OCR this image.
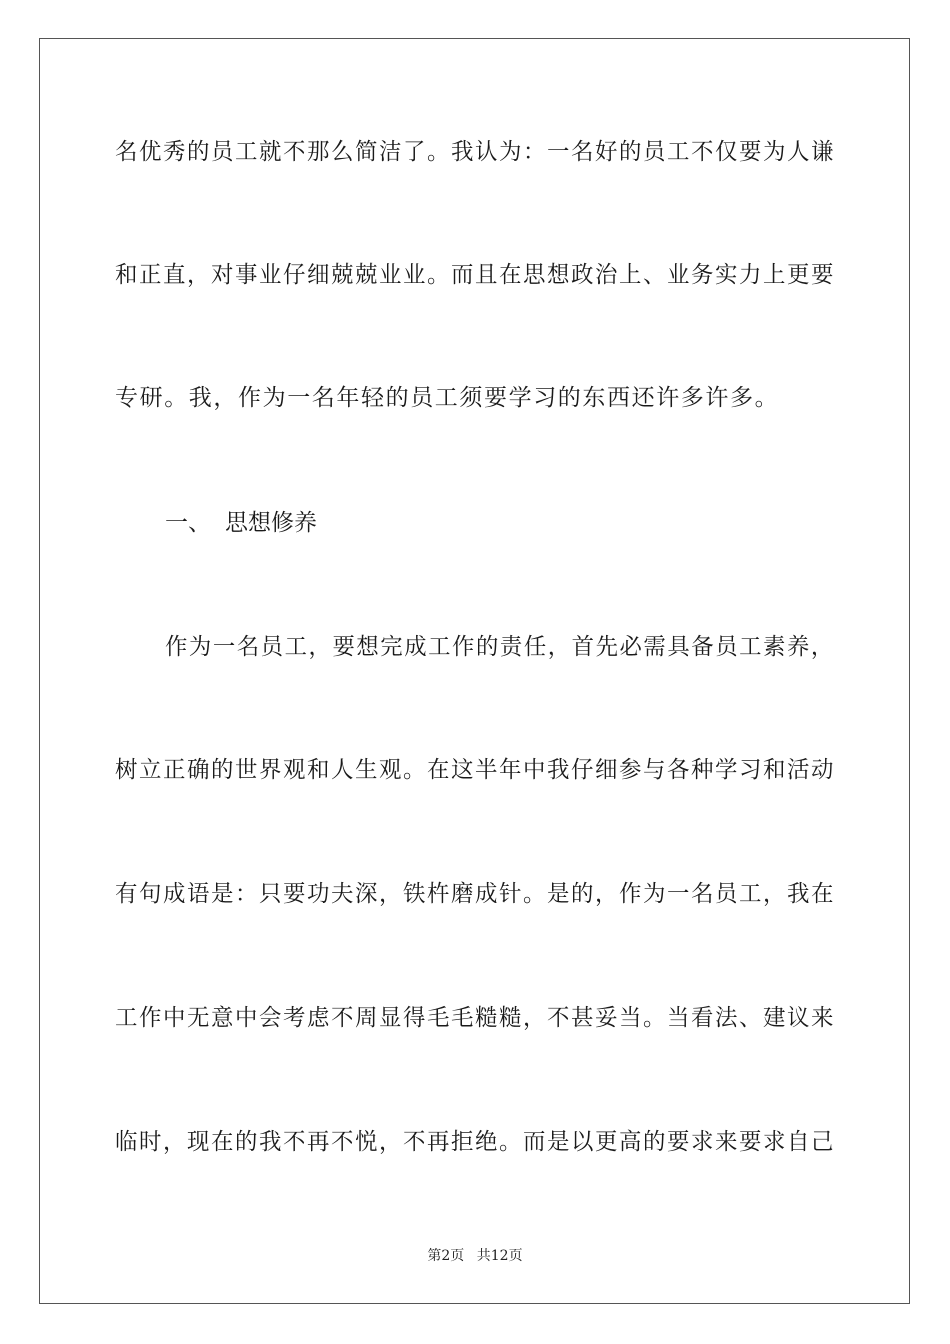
名优秀的员工就不那么简洁了。我认为：一名好的员工不仅要为人谦
和正直，对事业仔细兢兢业业。而且在思想政治上、业务实力上更要
专研。我，作为一名年轻的员工须要学习的东西还许多许多。
一、 思想修养
作为一名员工，要想完成工作的责任，首先必需具备员工素养，
树立正确的世界观和人生观。在这半年中我仔细参与各种学习和活动
有句成语是：只要功夫深，铁杵磨成针。是的，作为一名员工，我在
工作中无意中会考虑不周显得毛毛糙糙，不甚妥当。当看法、建议来
临时，现在的我不再不悦，不再拒绝。而是以更高的要求来要求自己
第2页 共12页
